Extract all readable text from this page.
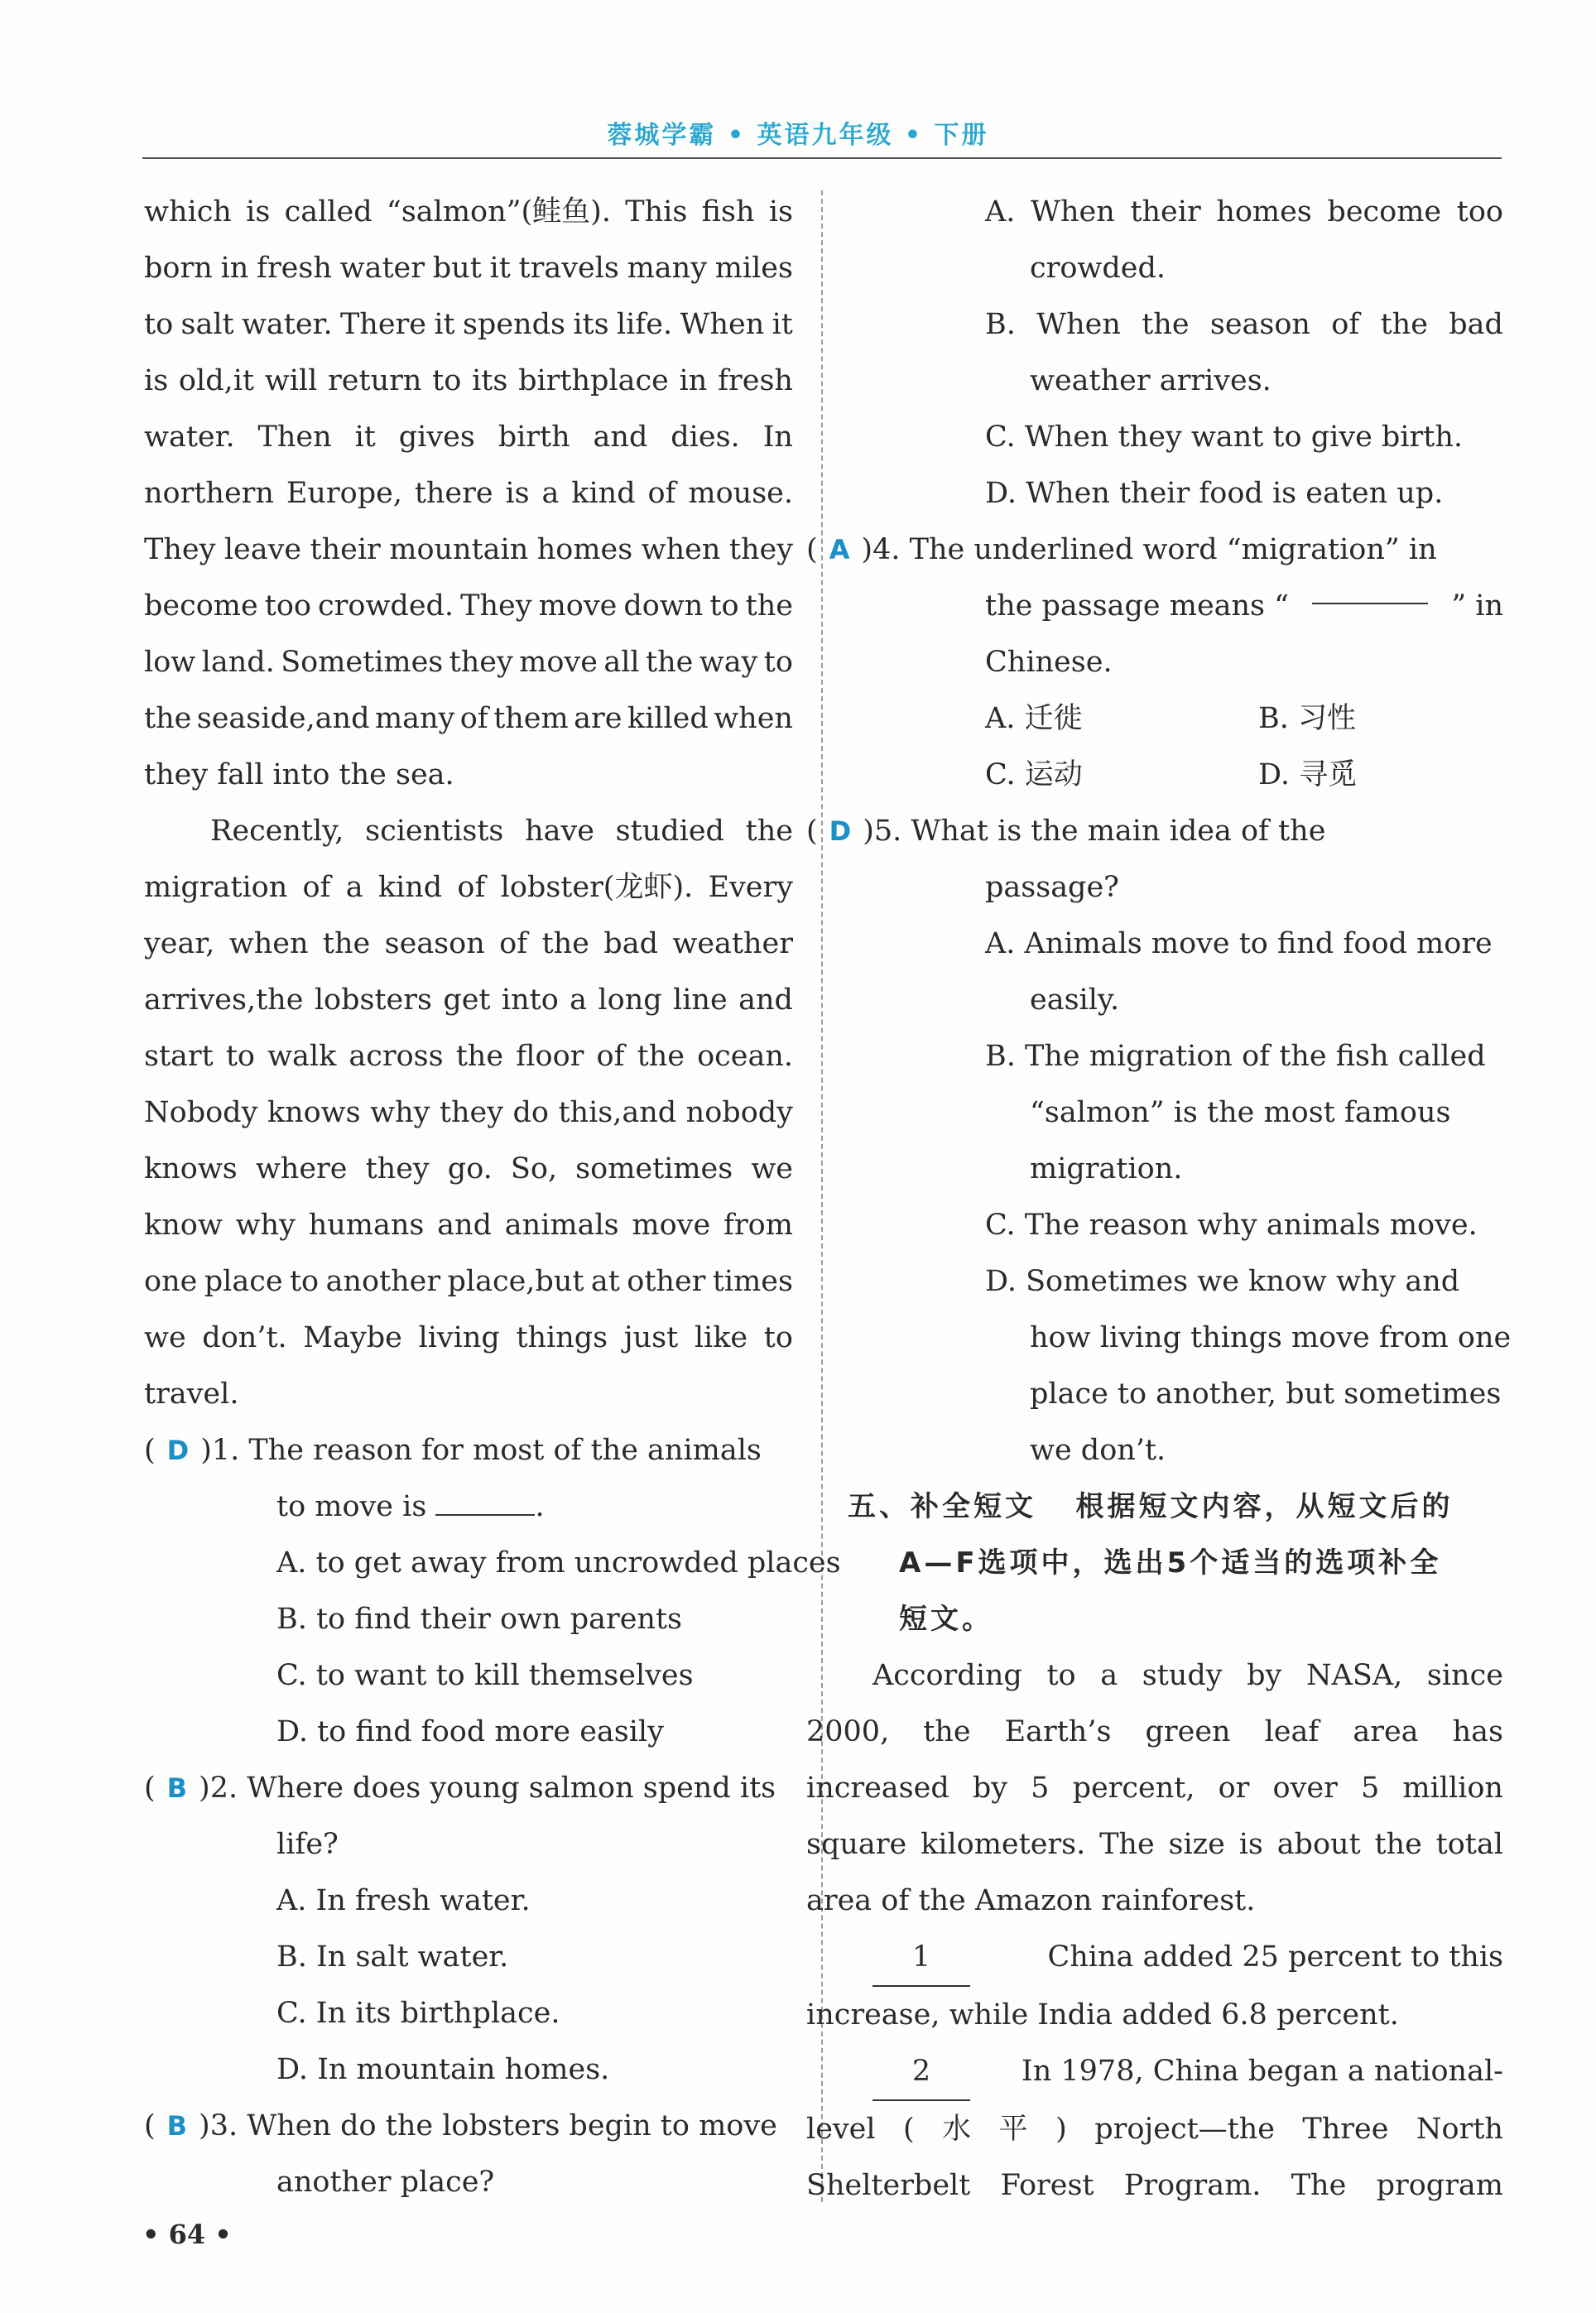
蓉城学霸 • 英语九年级 • 下册
which is called “salmon”(鲑鱼). This fish is
born in fresh water but it travels many miles
to salt water. There it spends its life. When it
is old,it will return to its birthplace in fresh
water. Then it gives birth and dies. In
northern Europe, there is a kind of mouse.
They leave their mountain homes when they
become too crowded. They move down to the
low land. Sometimes they move all the way to
the seaside,and many of them are killed when
they fall into the sea.
Recently, scientists have studied the
migration of a kind of lobster(龙虾). Every
year, when the season of the bad weather
arrives,the lobsters get into a long line and
start to walk across the floor of the ocean.
Nobody knows why they do this,and nobody
knows where they go. So, sometimes we
know why humans and animals move from
one place to another place,but at other times
we don’t. Maybe living things just like to
travel.
( D )1. The reason for most of the animals
to move is	.
A. to get away from uncrowded places
B. to find their own parents
C. to want to kill themselves
D. to find food more easily
( B )2. Where does young salmon spend its
life?
A. In fresh water.
B. In salt water.
C. In its birthplace.
D. In mountain homes.
( B )3. When do the lobsters begin to move
another place?
A. When their homes become too
crowded.
B. When the season of the bad
weather arrives.
C. When they want to give birth.
D. When their food is eaten up.
( A )4. The underlined word “migration” in
the passage means “	” in
Chinese.
A. 迁徙	B. 习性
C. 运动	D. 寻觅
( D )5. What is the main idea of the
passage?
A. Animals move to find food more
easily.
B. The migration of the fish called
“salmon” is the most famous
migration.
C. The reason why animals move.
D. Sometimes we know why and
how living things move from one
place to another, but sometimes
we don’t.
五、补全短文 根据短文内容，从短文后的
A—F选项中，选出5个适当的选项补全
短文。
According to a study by NASA, since
2000, the Earth’s green leaf area has
increased by 5 percent, or over 5 million
square kilometers. The size is about the total
area of the Amazon rainforest.
1	China added 25 percent to this
increase, while India added 6.8 percent.
2	In 1978, China began a national-
level ( 水 平 ) project—the Three North
Shelterbelt Forest Program. The program
• 64 •
